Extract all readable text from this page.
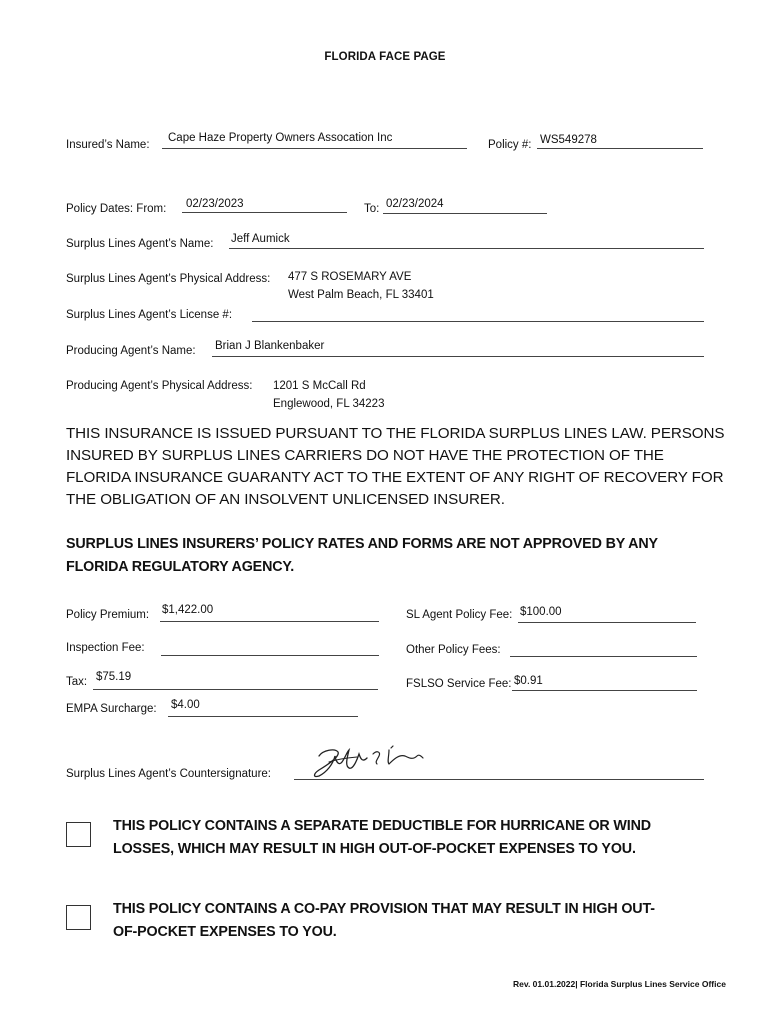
FLORIDA FACE PAGE
Insured’s Name:
Cape Haze Property Owners Assocation Inc
Policy #: WS549278
Policy Dates: From: 02/23/2023	To: 02/23/2024
Surplus Lines Agent’s Name: Jeff Aumick
Surplus Lines Agent’s Physical Address: 477 S ROSEMARY AVE
West Palm Beach, FL 33401
Surplus Lines Agent’s License #:
Producing Agent’s Name: Brian J Blankenbaker
Producing Agent’s Physical Address: 1201 S McCall Rd
Englewood, FL 34223
THIS INSURANCE IS ISSUED PURSUANT TO THE FLORIDA SURPLUS LINES LAW. PERSONS INSURED BY SURPLUS LINES CARRIERS DO NOT HAVE THE PROTECTION OF THE FLORIDA INSURANCE GUARANTY ACT TO THE EXTENT OF ANY RIGHT OF RECOVERY FOR THE OBLIGATION OF AN INSOLVENT UNLICENSED INSURER.
SURPLUS LINES INSURERS’ POLICY RATES AND FORMS ARE NOT APPROVED BY ANY FLORIDA REGULATORY AGENCY.
Policy Premium: $1,422.00	SL Agent Policy Fee: $100.00
Inspection Fee:	Other Policy Fees:
Tax: $75.19
FSLSO Service Fee: $0.91
EMPA Surcharge: $4.00
Surplus Lines Agent’s Countersignature:
THIS POLICY CONTAINS A SEPARATE DEDUCTIBLE FOR HURRICANE OR WIND LOSSES, WHICH MAY RESULT IN HIGH OUT-OF-POCKET EXPENSES TO YOU.
THIS POLICY CONTAINS A CO-PAY PROVISION THAT MAY RESULT IN HIGH OUT-OF-POCKET EXPENSES TO YOU.
Rev. 01.01.2022| Florida Surplus Lines Service Office
